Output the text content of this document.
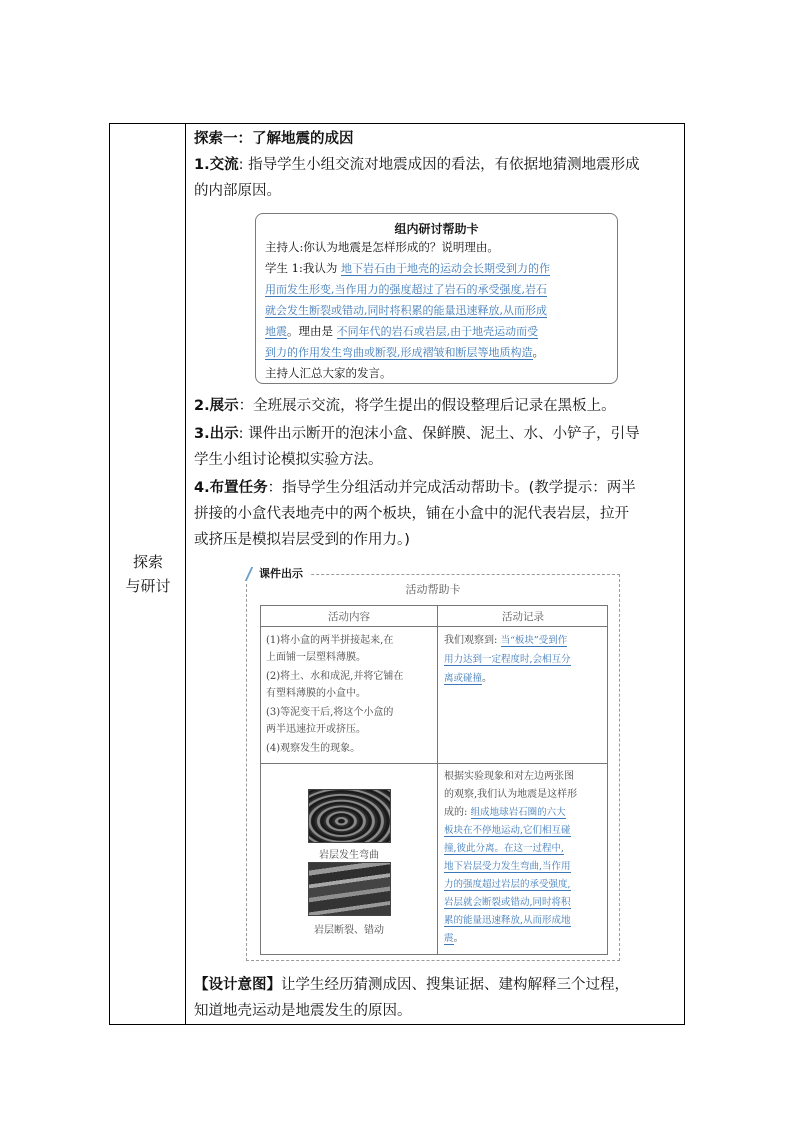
探索
与研讨
探索一：了解地震的成因
1.交流: 指导学生小组交流对地震成因的看法，有依据地猜测地震形成
的内部原因。
组内研讨帮助卡
主持人:你认为地震是怎样形成的？说明理由。
学生 1:我认为 地下岩石由于地壳的运动会长期受到力的作
用而发生形变,当作用力的强度超过了岩石的承受强度,岩石
就会发生断裂或错动,同时将积累的能量迅速释放,从而形成
地震。理由是 不同年代的岩石或岩层,由于地壳运动而受
到力的作用发生弯曲或断裂,形成褶皱和断层等地质构造。
主持人汇总大家的发言。
2.展示：全班展示交流，将学生提出的假设整理后记录在黑板上。
3.出示: 课件出示断开的泡沫小盒、保鲜膜、泥土、水、小铲子，引导
学生小组讨论模拟实验方法。
4.布置任务：指导学生分组活动并完成活动帮助卡。(教学提示：两半
拼接的小盒代表地壳中的两个板块，铺在小盒中的泥代表岩层，拉开
或挤压是模拟岩层受到的作用力。)
活动帮助卡
活动内容	活动记录
(1)将小盒的两半拼接起来,在
上面铺一层塑料薄膜。
(2)将土、水和成泥,并将它铺在
有塑料薄膜的小盒中。
(3)等泥变干后,将这个小盒的
两半迅速拉开或挤压。
(4)观察发生的现象。
我们观察到: 当“板块”受到作
用力达到一定程度时,会相互分
离或碰撞。
岩层发生弯曲
岩层断裂、错动
根据实验现象和对左边两张图
的观察,我们认为地震是这样形
成的: 组成地球岩石圈的六大
板块在不停地运动,它们相互碰
撞,彼此分离。在这一过程中,
地下岩层受力发生弯曲,当作用
力的强度超过岩层的承受强度,
岩层就会断裂或错动,同时将积
累的能量迅速释放,从而形成地
震。
课件出示
【设计意图】让学生经历猜测成因、搜集证据、建构解释三个过程，
知道地壳运动是地震发生的原因。
